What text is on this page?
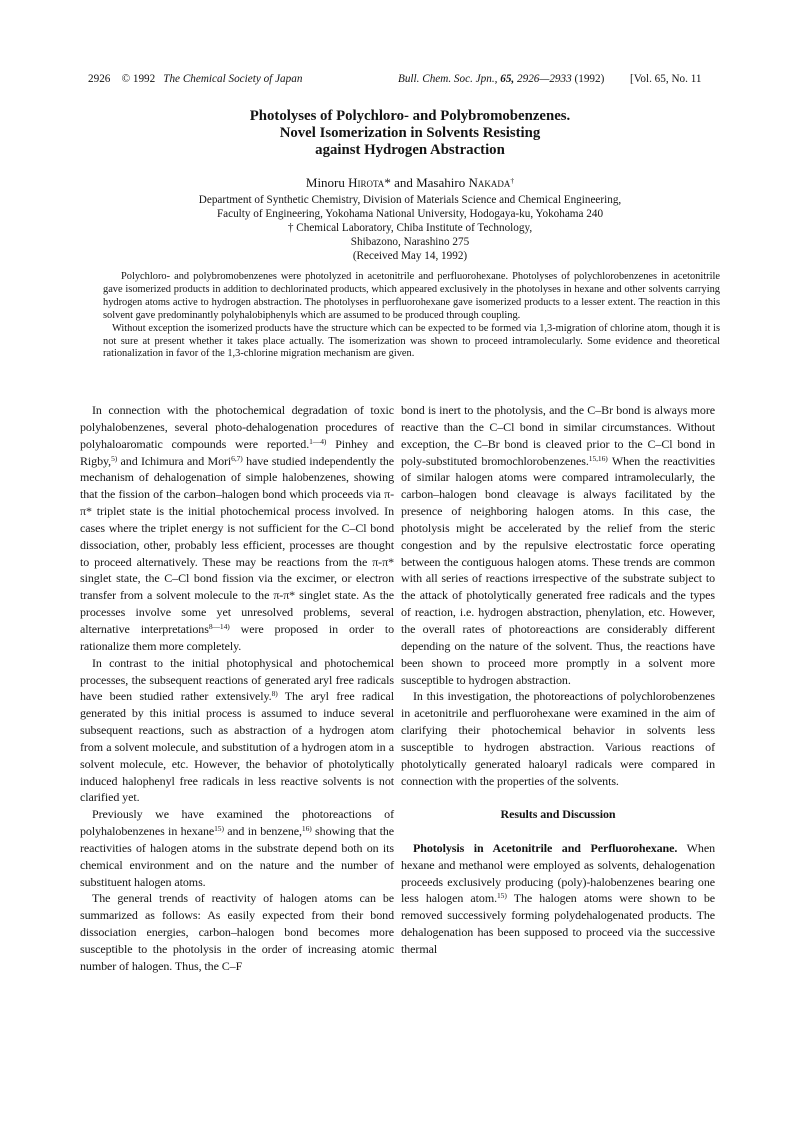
2926 © 1992 The Chemical Society of Japan	Bull. Chem. Soc. Jpn., 65, 2926—2933 (1992) [Vol. 65, No. 11
Photolyses of Polychloro- and Polybromobenzenes.
Novel Isomerization in Solvents Resisting
against Hydrogen Abstraction
Minoru Hirota* and Masahiro Nakada†
Department of Synthetic Chemistry, Division of Materials Science and Chemical Engineering,
Faculty of Engineering, Yokohama National University, Hodogaya-ku, Yokohama 240
† Chemical Laboratory, Chiba Institute of Technology,
Shibazono, Narashino 275
(Received May 14, 1992)

Polychloro- and polybromobenzenes were photolyzed in acetonitrile and perfluorohexane. Photolyses of polychlorobenzenes in acetonitrile gave isomerized products in addition to dechlorinated products, which appeared exclusively in the photolyses in hexane and other solvents carrying hydrogen atoms active to hydrogen abstraction. The photolyses in perfluorohexane gave isomerized products to a lesser extent. The reaction in this solvent gave predominantly polyhalobiphenyls which are assumed to be produced through coupling.

Without exception the isomerized products have the structure which can be expected to be formed via 1,3-migration of chlorine atom, though it is not sure at present whether it takes place actually. The isomerization was shown to proceed intramolecularly. Some evidence and theoretical rationalization in favor of the 1,3-chlorine migration mechanism are given.

In connection with the photochemical degradation of toxic polyhalobenzenes, several photo-dehalogenation procedures of polyhaloaromatic compounds were reported.$^{1—4)}$ Pinhey and Rigby,$^{5)}$ and Ichimura and Mori$^{6,7)}$ have studied independently the mechanism of dehalogenation of simple halobenzenes, showing that the fission of the carbon–halogen bond which proceeds via π-π* triplet state is the initial photochemical process involved. In cases where the triplet energy is not sufficient for the C–Cl bond dissociation, other, probably less efficient, processes are thought to proceed alternatively. These may be reactions from the π-π* singlet state, the C–Cl bond fission via the excimer, or electron transfer from a solvent molecule to the π-π* singlet state. As the processes involve some yet unresolved problems, several alternative interpretations$^{8—14)}$ were proposed in order to rationalize them more completely.

In contrast to the initial photophysical and photochemical processes, the subsequent reactions of generated aryl free radicals have been studied rather extensively.$^{8)}$ The aryl free radical generated by this initial process is assumed to induce several subsequent reactions, such as abstraction of a hydrogen atom from a solvent molecule, and substitution of a hydrogen atom in a solvent molecule, etc. However, the behavior of photolytically induced halophenyl free radicals in less reactive solvents is not clarified yet.

Previously we have examined the photoreactions of polyhalobenzenes in hexane$^{15)}$ and in benzene,$^{16)}$ showing that the reactivities of halogen atoms in the substrate depend both on its chemical environment and on the nature and the number of substituent halogen atoms.

The general trends of reactivity of halogen atoms can be summarized as follows: As easily expected from their bond dissociation energies, carbon–halogen bond becomes more susceptible to the photolysis in the order of increasing atomic number of halogen. Thus, the C–F

bond is inert to the photolysis, and the C–Br bond is always more reactive than the C–Cl bond in similar circumstances. Without exception, the C–Br bond is cleaved prior to the C–Cl bond in poly-substituted bromochlorobenzenes.$^{15,16)}$ When the reactivities of similar halogen atoms were compared intramolecularly, the carbon–halogen bond cleavage is always facilitated by the presence of neighboring halogen atoms. In this case, the photolysis might be accelerated by the relief from the steric congestion and by the repulsive electrostatic force operating between the contiguous halogen atoms. These trends are common with all series of reactions irrespective of the substrate subject to the attack of photolytically generated free radicals and the types of reaction, i.e. hydrogen abstraction, phenylation, etc. However, the overall rates of photoreactions are considerably different depending on the nature of the solvent. Thus, the reactions have been shown to proceed more promptly in a solvent more susceptible to hydrogen abstraction.

In this investigation, the photoreactions of polychlorobenzenes in acetonitrile and perfluorohexane were examined in the aim of clarifying their photochemical behavior in solvents less susceptible to hydrogen abstraction. Various reactions of photolytically generated haloaryl radicals were compared in connection with the properties of the solvents.

Results and Discussion

Photolysis in Acetonitrile and Perfluorohexane. When hexane and methanol were employed as solvents, dehalogenation proceeds exclusively producing (poly)-halobenzenes bearing one less halogen atom.$^{15)}$ The halogen atoms were shown to be removed successively forming polydehalogenated products. The dehalogenation has been supposed to proceed via the successive thermal
